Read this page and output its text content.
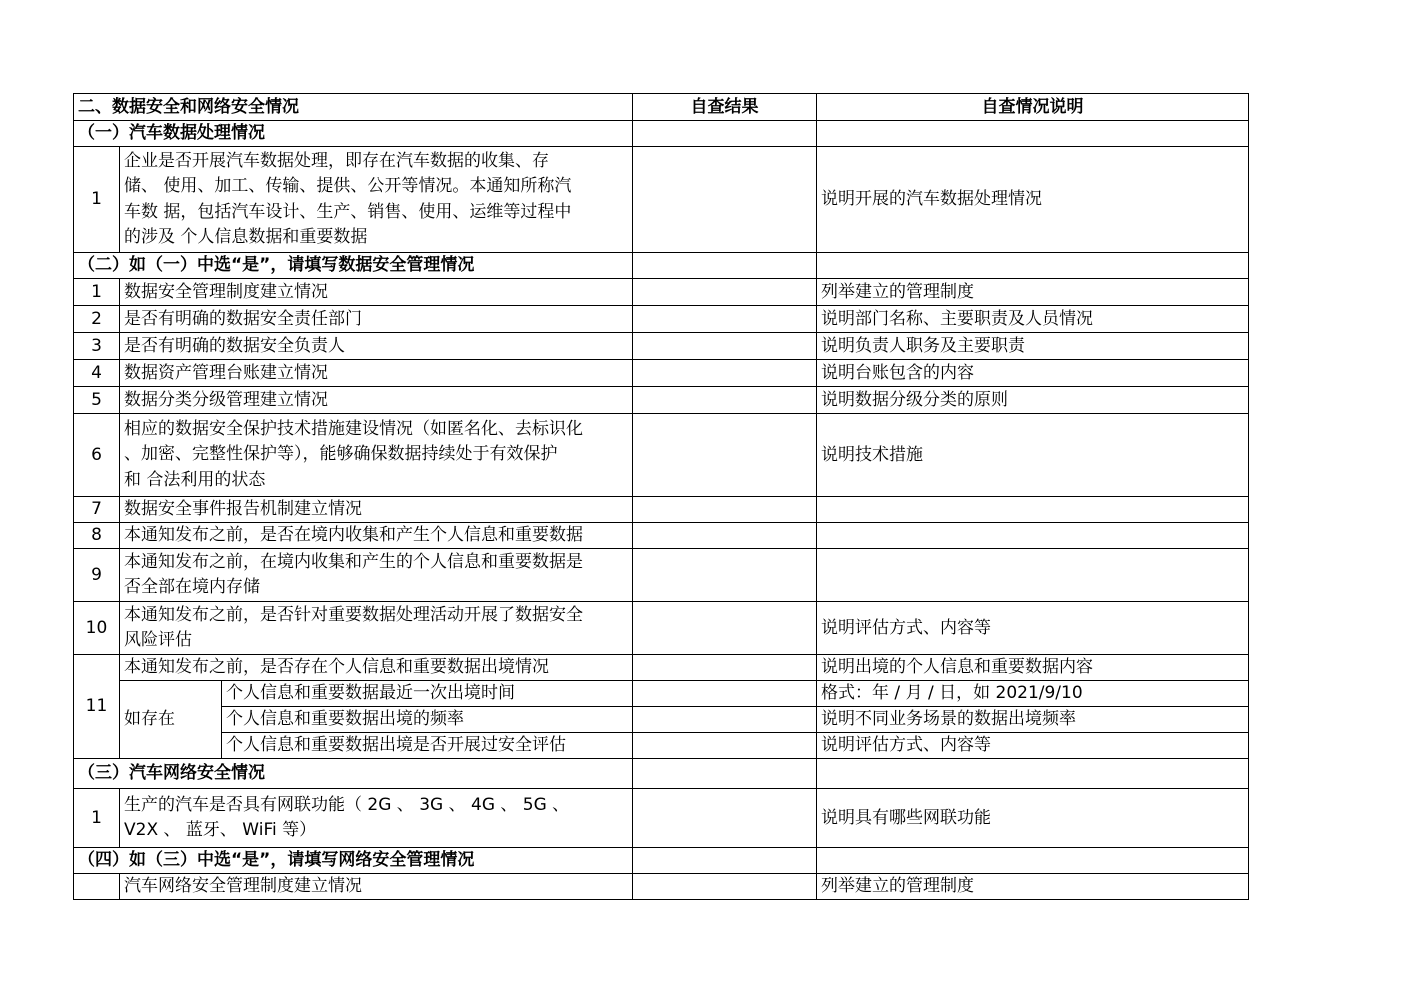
二、数据安全和网络安全情况			自查结果	自查情况说明
（一）汽车数据处理情况				
1	企业是否开展汽车数据处理，即存在汽车数据的收集、存
储、 使用、加工、传输、提供、公开等情况。本通知所称汽
车数 据，包括汽车设计、生产、销售、使用、运维等过程中
的涉及 个人信息数据和重要数据			说明开展的汽车数据处理情况
（二）如（一）中选“是”，请填写数据安全管理情况				
1	数据安全管理制度建立情况			列举建立的管理制度
2	是否有明确的数据安全责任部门			说明部门名称、主要职责及人员情况
3	是否有明确的数据安全负责人			说明负责人职务及主要职责
4	数据资产管理台账建立情况			说明台账包含的内容
5	数据分类分级管理建立情况			说明数据分级分类的原则
6	相应的数据安全保护技术措施建设情况（如匿名化、去标识化
、加密、完整性保护等），能够确保数据持续处于有效保护
和 合法利用的状态			说明技术措施
7	数据安全事件报告机制建立情况			
8	本通知发布之前，是否在境内收集和产生个人信息和重要数据			
9	本通知发布之前，在境内收集和产生的个人信息和重要数据是
否全部在境内存储			

10	本通知发布之前，是否针对重要数据处理活动开展了数据安全
风险评估			说明评估方式、内容等
11	本通知发布之前，是否存在个人信息和重要数据出境情况			说明出境的个人信息和重要数据内容
	如存在	个人信息和重要数据最近一次出境时间		格式：年 / 月 / 日，如 2021/9/10
		个人信息和重要数据出境的频率		说明不同业务场景的数据出境频率
		个人信息和重要数据出境是否开展过安全评估		说明评估方式、内容等
（三）汽车网络安全情况				
1	生产的汽车是否具有网联功能（ 2G 、 3G 、 4G 、 5G 、
V2X 、 蓝牙、 WiFi 等）			说明具有哪些网联功能
（四）如（三）中选“是”，请填写网络安全管理情况				
	汽车网络安全管理制度建立情况			列举建立的管理制度
